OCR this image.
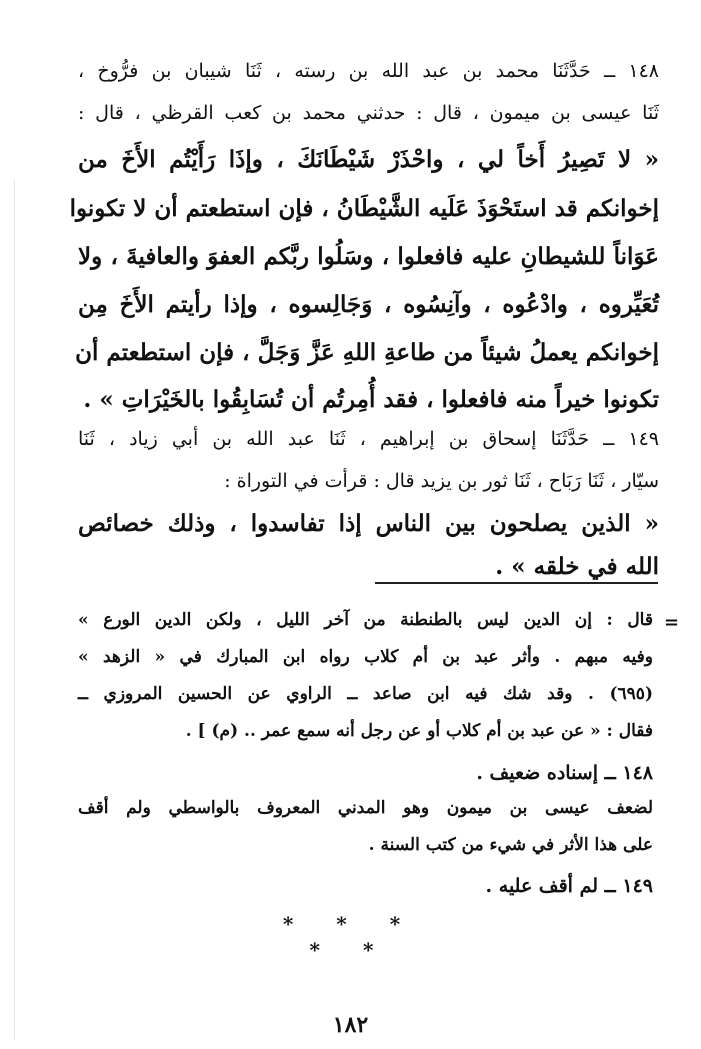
١٤٨ ــ حَدَّثَنَا محمد بن عبد الله بن رسته ، ثَنَا شيبان بن فرُّوخ ،
ثَنَا عيسى بن ميمون ، قال : حدثني محمد بن كعب القرظي ، قال :
« لا تَصِيرُ أَخاً لي ، واحْذَرْ شَيْطَانَكَ ، وإذَا رَأَيْتُم الأَخَ من
إخوانكم قد استَحْوَذَ عَلَيه الشَّيْطَانُ ، فإن استطعتم أن لا تكونوا
عَوَاناً للشيطانِ عليه فافعلوا ، وسَلُوا ربَّكم العفوَ والعافيةَ ، ولا
تُعَيِّروه ، وادْعُوه ، وآنِسُوه ، وَجَالِسوه ، وإذا رأيتم الأَخَ مِن
إخوانكم يعملُ شيئاً من طاعةِ اللهِ عَزَّ وَجَلَّ ، فإن استطعتم أن
تكونوا خيراً منه فافعلوا ، فقد أُمِرتُم أن تُسَابِقُوا بالخَيْرَاتِ » .
١٤٩ ــ حَدَّثَنَا إسحاق بن إبراهيم ، ثَنَا عبد الله بن أبي زياد ، ثَنَا
سيّار ، ثَنَا رَبَاح ، ثَنَا ثور بن يزيد قال : قرأت في التوراة :
« الذين يصلحون بين الناس إذا تفاسدوا ، وذلك خصائص
الله في خلقه » .
=
قال : إن الدين ليس بالطنطنة من آخر الليل ، ولكن الدين الورع »
وفيه مبهم . وأثر عبد بن أم كلاب رواه ابن المبارك في « الزهد »
(٦٩٥) . وقد شك فيه ابن صاعد ــ الراوي عن الحسين المروزي ــ
فقال : « عن عبد بن أم كلاب أو عن رجل أنه سمع عمر .. (م) ] .
١٤٨ ــ إسناده ضعيف .
لضعف عيسى بن ميمون وهو المدني المعروف بالواسطي ولم أقف
على هذا الأثر في شيء من كتب السنة .
١٤٩ ــ لم أقف عليه .
* * *
* *
١٨٢
